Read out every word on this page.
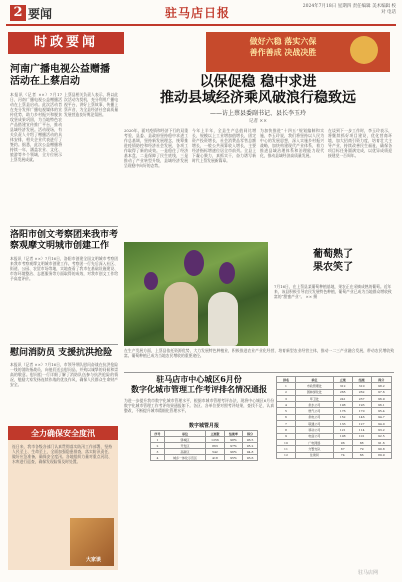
2 要闻	驻马店日报	2024年7月18日 星期四 责任编辑 美术编辑 校对 电话
时政要闻	做好六稳 落实六保
善作善成 决战决胜
以保促稳 稳中求进
推动县域经济乘风破浪行稳致远
——访上蔡县委副书记、县长李玉玲
记者 ××
2020年，面对疫情和经济下行的双重考验，县委、县政府坚持稳中求进工作总基调，坚持新发展理念，统筹推进疫情防控和经济社会发展，各项工作取得了新的成效。一是稳住了经济基本盘，二是保障了民生底线，三是推动了产业转型升级，县域经济发展呈现稳中向好的态势。
今年上半年，全县生产总值同比增长，规模以上工业增加值增长，固定资产投资增长，社会消费品零售总额增长，一般公共预算收入增长，主要经济指标增速位居全市前列。全县上下凝心聚力，真抓实干，奋力谱写新时代上蔡发展新篇章。
为加快推进“十四五”规划编制和实施，李玉玲说，我们将坚持以人民为中心的发展思想，深入实施乡村振兴战略，加快构建现代产业体系，着力推进县域治理体系和治理能力现代化，推动县域经济高质量发展。
在谈到下一步工作时，李玉玲表示，将继续抓好项目建设，优化营商环境，加大招商引资力度，培育壮大主导产业，持续改善民生福祉，确保各项目标任务圆满完成，以优异成绩迎接建党一百周年。
河南广播电视公益赠播活动在上蔡启动
本报讯（记者 ××）7月17日，河南广播电视公益赠播活动在上蔡县启动。此次活动旨在充分发挥广播电视媒体的宣传优势，助力乡村振兴和脱贫攻坚成果巩固，为当地特色农产品搭建宣传推广平台，推动县域经济发展。活动现场，有关负责人介绍了赠播活动的具体安排，相关企业代表进行了签约。据悉，此次公益赠播将持续一年，涵盖农业、文化、旅游等多个领域，全方位展示上蔡发展成就。
上蔡县相关负责人表示，将以此次活动为契机，充分利用广播电视平台，讲好上蔡故事，传播上蔡声音，为全县经济社会高质量发展营造良好舆论氛围。
洛阳市创文考察团来我市考察观摩文明城市创建工作
本报讯（记者 ××）7月16日，洛阳市创建全国文明城市考察团来我市考察观摩文明城市创建工作。考察团一行先后深入社区、街道、公园、农贸市场等地，实地查看了我市在基础设施建设、市容环境整治、志愿服务等方面取得的成效，对我市创文工作给予高度评价。
慰问消防员 支援抗洪抢险
本报讯（记者 ××）7月16日，市领导带队慰问奋战在抗洪抢险一线的消防指战员，向他们送去慰问品，并致以诚挚的问候和崇高的敬意。慰问组一行详细了解了消防队伍参与抗洪抢险的情况，勉励大家发扬连续作战的优良作风，确保人民群众生命财产安全。
在生产发展方面，上蔡县依托资源优势，大力发展特色种植业，积极推进农业产业化经营，培育新型农业经营主体，推动一二三产业融合发展，带动农民增收致富。葡萄种植已成为当地农民增收的重要途径。
葡萄熟了
果农笑了
7月16日，在上蔡县某葡萄种植基地，果农正在采摘成熟的葡萄。近年来，该县积极引导农民发展特色种植，葡萄产业已成为当地群众增收致富的“甜蜜产业”。 ×× 摄
全力确保安全度汛
连日来，我市各级各部门认真贯彻落实防汛工作部署，坚持人民至上、生命至上，全面加强隐患排查，落实防汛责任，做好应急准备，确保安全度汛。各地组织力量对重点河段、水库进行巡查，确保发现险情及时处置。
大家谈
驻马店市中心城区6月份
数字化城市管理工作考评排名情况通报
为进一步提升我市数字化城市管理水平，根据市城市管理考评办法，现将中心城区6月份数字化城市管理工作考评结果通报如下。各区、各单位要对照考评结果，查找不足，认真整改，不断提升城市精细化管理水平。
数字城管月报
序号	单位	立案数	结案率	得分
1	驿城区	1256	98%	96.5
2	开发区	863	97%	95.2
3	高新区	542	96%	94.8
4	城乡一体化示范区	418	95%	93.6
排名	单位	立案	结案	得分
1	市政管理处	312	310	98.2
2	园林绿化处	265	262	97.6
3	环卫处	241	237	96.9
4	供水公司	198	193	96.1
5	燃气公司	176	170	95.4
6	供电公司	152	146	94.7
7	联通公司	133	127	94.0
8	移动公司	121	114	93.2
9	电信公司	108	101	92.5
10	广电网络	96	88	91.6
11	交警支队	87	79	90.8
12	住建局	74	66	89.9
驻马店网
